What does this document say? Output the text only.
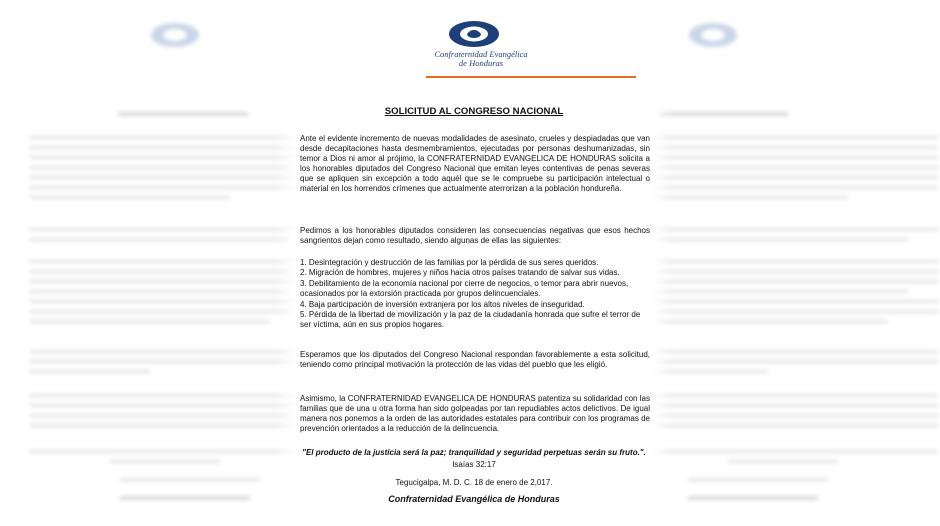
Confraternidad Evangélica
de Honduras
SOLICITUD AL CONGRESO NACIONAL

Ante el evidente incremento de nuevas modalidades de asesinato, crueles y despiadadas que van desde decapitaciones hasta desmembramientos, ejecutadas por personas deshumanizadas, sin temor a Dios ni amor al prójimo, la CONFRATERNIDAD EVANGELICA DE HONDURAS solicita a los honorables diputados del Congreso Nacional que emitan leyes contentivas de penas severas que se apliquen sin excepción a todo aquél que se le compruebe su participación intelectual o material en los horrendos crímenes que actualmente aterrorizan a la población hondureña.

Pedimos a los honorables diputados consideren las consecuencias negativas que esos hechos sangrientos dejan como resultado, siendo algunas de ellas las siguientes:

1. Desintegración y destrucción de las familias por la pérdida de sus seres queridos.
2. Migración de hombres, mujeres y niños hacia otros países tratando de salvar sus vidas.
3. Debilitamiento de la economía nacional por cierre de negocios, o temor para abrir nuevos, ocasionados por la extorsión practicada por grupos delincuenciales.
4. Baja participación de inversión extranjera por los altos niveles de inseguridad.
5. Pérdida de la libertad de movilización y la paz de la ciudadanía honrada que sufre el terror de ser víctima, aún en sus propios hogares.

Esperamos que los diputados del Congreso Nacional respondan favorablemente a esta solicitud, teniendo como principal motivación la protección de las vidas del pueblo que les eligió.

Asimismo, la CONFRATERNIDAD EVANGELICA DE HONDURAS patentiza su solidaridad con las familias que de una u otra forma han sido golpeadas por tan repudiables actos delictivos. De igual manera nos ponemos a la orden de las autoridades estatales para contribuir con los programas de prevención orientados a la reducción de la delincuencia.

"El producto de la justicia será la paz; tranquilidad y seguridad perpetuas serán su fruto.".
Isaías 32:17
Tegucigalpa, M. D. C. 18 de enero de 2,017.
Confraternidad Evangélica de Honduras
